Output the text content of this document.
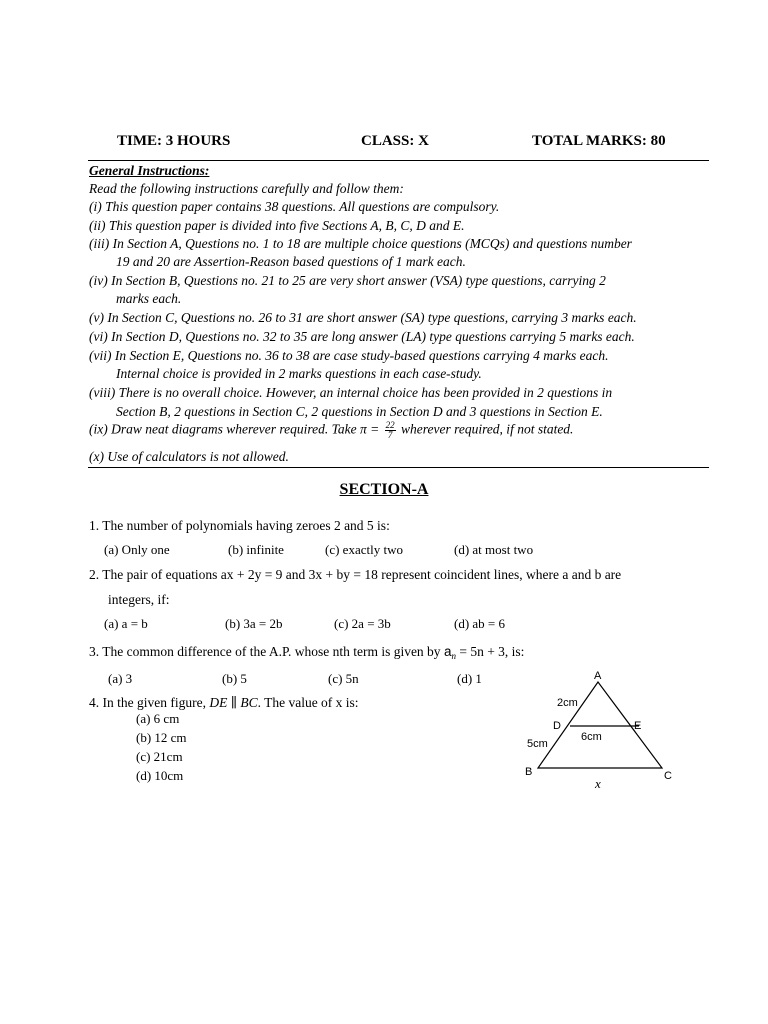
TIME: 3 HOURS	CLASS: X	TOTAL MARKS: 80
General Instructions:
Read the following instructions carefully and follow them:
(i) This question paper contains 38 questions. All questions are compulsory.
(ii) This question paper is divided into five Sections A, B, C, D and E.
(iii) In Section A, Questions no. 1 to 18 are multiple choice questions (MCQs) and questions number
19 and 20 are Assertion-Reason based questions of 1 mark each.
(iv) In Section B, Questions no. 21 to 25 are very short answer (VSA) type questions, carrying 2
marks each.
(v) In Section C, Questions no. 26 to 31 are short answer (SA) type questions, carrying 3 marks each.
(vi) In Section D, Questions no. 32 to 35 are long answer (LA) type questions carrying 5 marks each.
(vii) In Section E, Questions no. 36 to 38 are case study-based questions carrying 4 marks each.
Internal choice is provided in 2 marks questions in each case-study.
(viii) There is no overall choice. However, an internal choice has been provided in 2 questions in
Section B, 2 questions in Section C, 2 questions in Section D and 3 questions in Section E.
(ix) Draw neat diagrams wherever required. Take $\pi = \frac{22}{7}$ wherever required, if not stated.
(x) Use of calculators is not allowed.
SECTION-A
1. The number of polynomials having zeroes 2 and 5 is:
(a) Only one	(b) infinite	(c) exactly two	(d) at most two
2. The pair of equations ax + 2y = 9 and 3x + by = 18 represent coincident lines, where a and b are
integers, if:
(a) a = b	(b) 3a = 2b	(c) 2a = 3b	(d) ab = 6
3. The common difference of the A.P. whose nth term is given by $a_n = 5n + 3$, is:
(a) 3	(b) 5	(c) 5n	(d) 1
4. In the given figure, DE ∥ BC. The value of x is:
(a) 6 cm
(b) 12 cm
(c) 21cm
(d) 10cm
A
B	C
D	E
2cm
5cm
6cm
x
